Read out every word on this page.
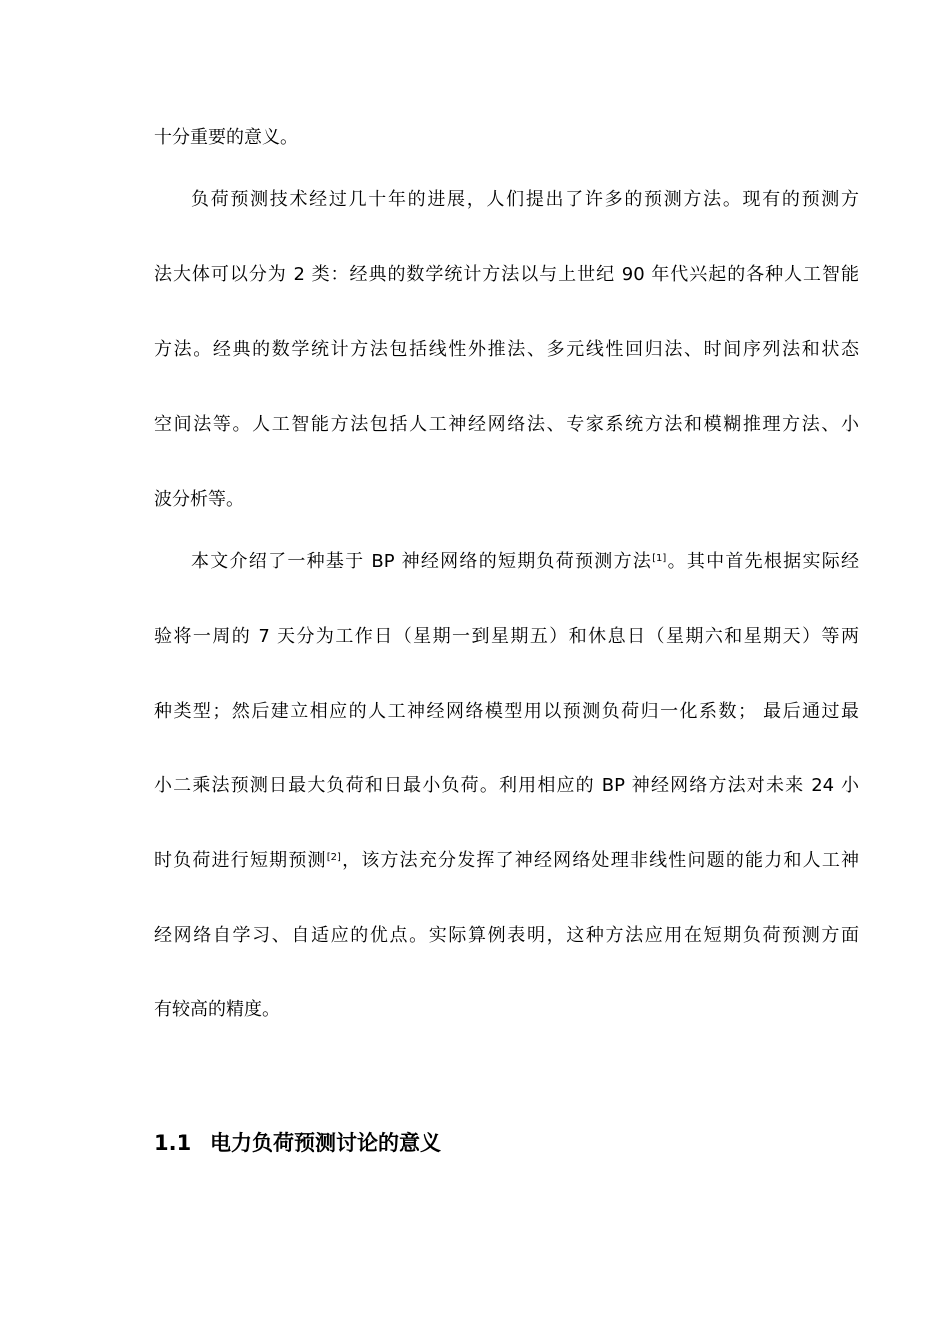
十分重要的意义。
负荷预测技术经过几十年的进展，人们提出了许多的预测方法。现有的预测方
法大体可以分为 2 类：经典的数学统计方法以与上世纪 90 年代兴起的各种人工智能
方法。经典的数学统计方法包括线性外推法、多元线性回归法、时间序列法和状态
空间法等。人工智能方法包括人工神经网络法、专家系统方法和模糊推理方法、小
波分析等。
本文介绍了一种基于 BP 神经网络的短期负荷预测方法[1]。其中首先根据实际经
验将一周的 7 天分为工作日（星期一到星期五）和休息日（星期六和星期天）等两
种类型；然后建立相应的人工神经网络模型用以预测负荷归一化系数； 最后通过最
小二乘法预测日最大负荷和日最小负荷。利用相应的 BP 神经网络方法对未来 24 小
时负荷进行短期预测[2]，该方法充分发挥了神经网络处理非线性问题的能力和人工神
经网络自学习、自适应的优点。实际算例表明，这种方法应用在短期负荷预测方面
有较高的精度。
1.1 电力负荷预测讨论的意义
